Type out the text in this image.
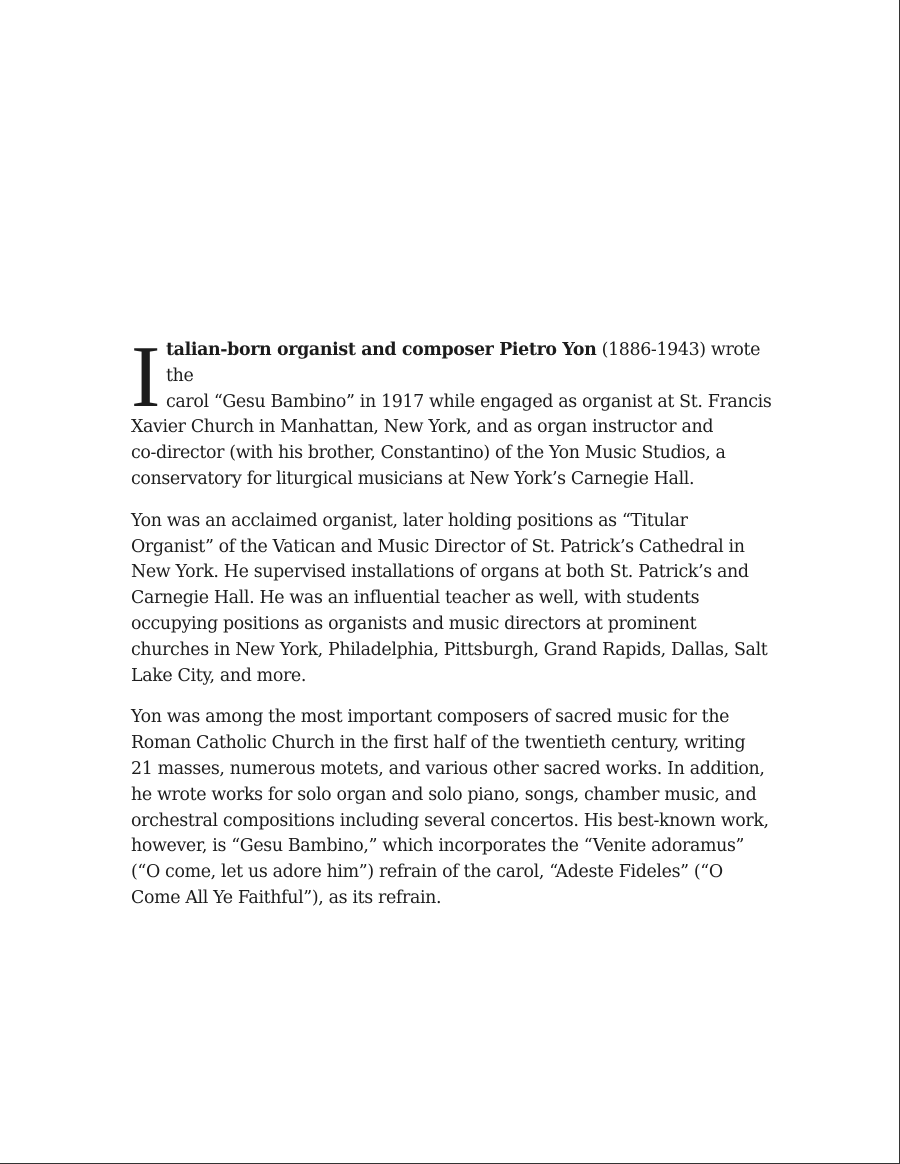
I talian-born organist and composer Pietro Yon (1886-1943) wrote the
carol “Gesu Bambino” in 1917 while engaged as organist at St. Francis
Xavier Church in Manhattan, New York, and as organ instructor and
co-director (with his brother, Constantino) of the Yon Music Studios, a
conservatory for liturgical musicians at New York’s Carnegie Hall.

Yon was an acclaimed organist, later holding positions as “Titular
Organist” of the Vatican and Music Director of St. Patrick’s Cathedral in
New York. He supervised installations of organs at both St. Patrick’s and
Carnegie Hall. He was an influential teacher as well, with students
occupying positions as organists and music directors at prominent
churches in New York, Philadelphia, Pittsburgh, Grand Rapids, Dallas, Salt
Lake City, and more.

Yon was among the most important composers of sacred music for the
Roman Catholic Church in the first half of the twentieth century, writing
21 masses, numerous motets, and various other sacred works. In addition,
he wrote works for solo organ and solo piano, songs, chamber music, and
orchestral compositions including several concertos. His best-known work,
however, is “Gesu Bambino,” which incorporates the “Venite adoramus”
(“O come, let us adore him”) refrain of the carol, “Adeste Fideles” (“O
Come All Ye Faithful”), as its refrain.
